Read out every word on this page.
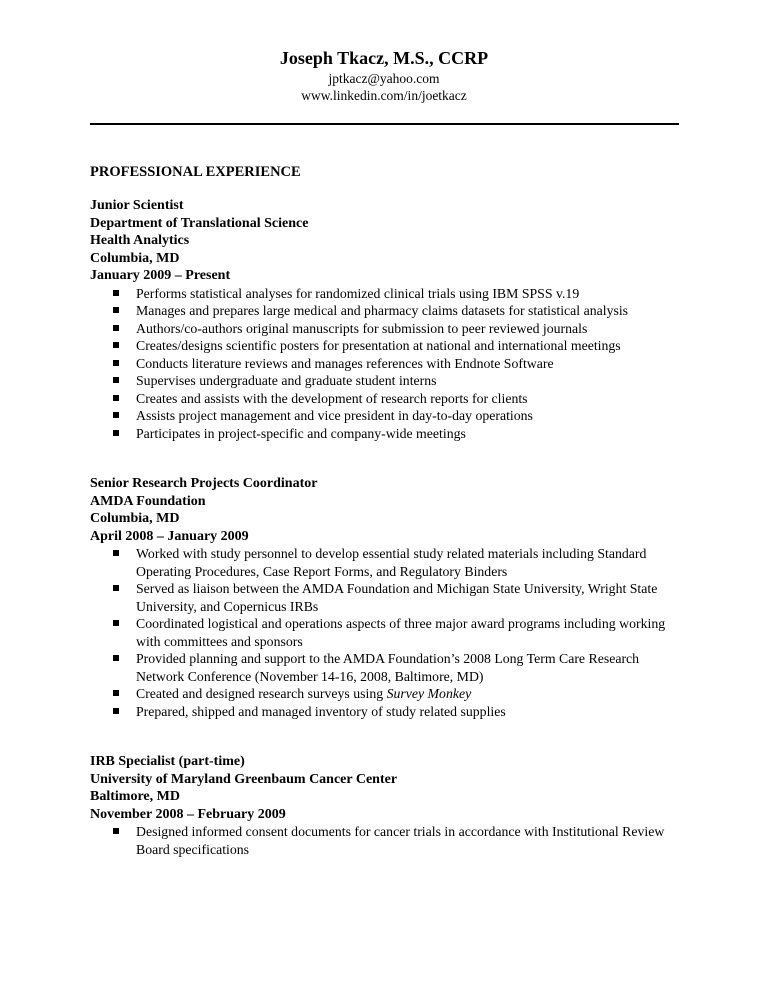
Joseph Tkacz, M.S., CCRP
jptkacz@yahoo.com
www.linkedin.com/in/joetkacz
PROFESSIONAL EXPERIENCE
Junior Scientist
Department of Translational Science
Health Analytics
Columbia, MD
January 2009 – Present
Performs statistical analyses for randomized clinical trials using IBM SPSS v.19
Manages and prepares large medical and pharmacy claims datasets for statistical analysis
Authors/co-authors original manuscripts for submission to peer reviewed journals
Creates/designs scientific posters for presentation at national and international meetings
Conducts literature reviews and manages references with Endnote Software
Supervises undergraduate and graduate student interns
Creates and assists with the development of research reports for clients
Assists project management and vice president in day-to-day operations
Participates in project-specific and company-wide meetings
Senior Research Projects Coordinator
AMDA Foundation
Columbia, MD
April 2008 – January 2009
Worked with study personnel to develop essential study related materials including Standard Operating Procedures, Case Report Forms, and Regulatory Binders
Served as liaison between the AMDA Foundation and Michigan State University, Wright State University, and Copernicus IRBs
Coordinated logistical and operations aspects of three major award programs including working with committees and sponsors
Provided planning and support to the AMDA Foundation’s 2008 Long Term Care Research Network Conference (November 14-16, 2008, Baltimore, MD)
Created and designed research surveys using Survey Monkey
Prepared, shipped and managed inventory of study related supplies
IRB Specialist (part-time)
University of Maryland Greenbaum Cancer Center
Baltimore, MD
November 2008 – February 2009
Designed informed consent documents for cancer trials in accordance with Institutional Review Board specifications
